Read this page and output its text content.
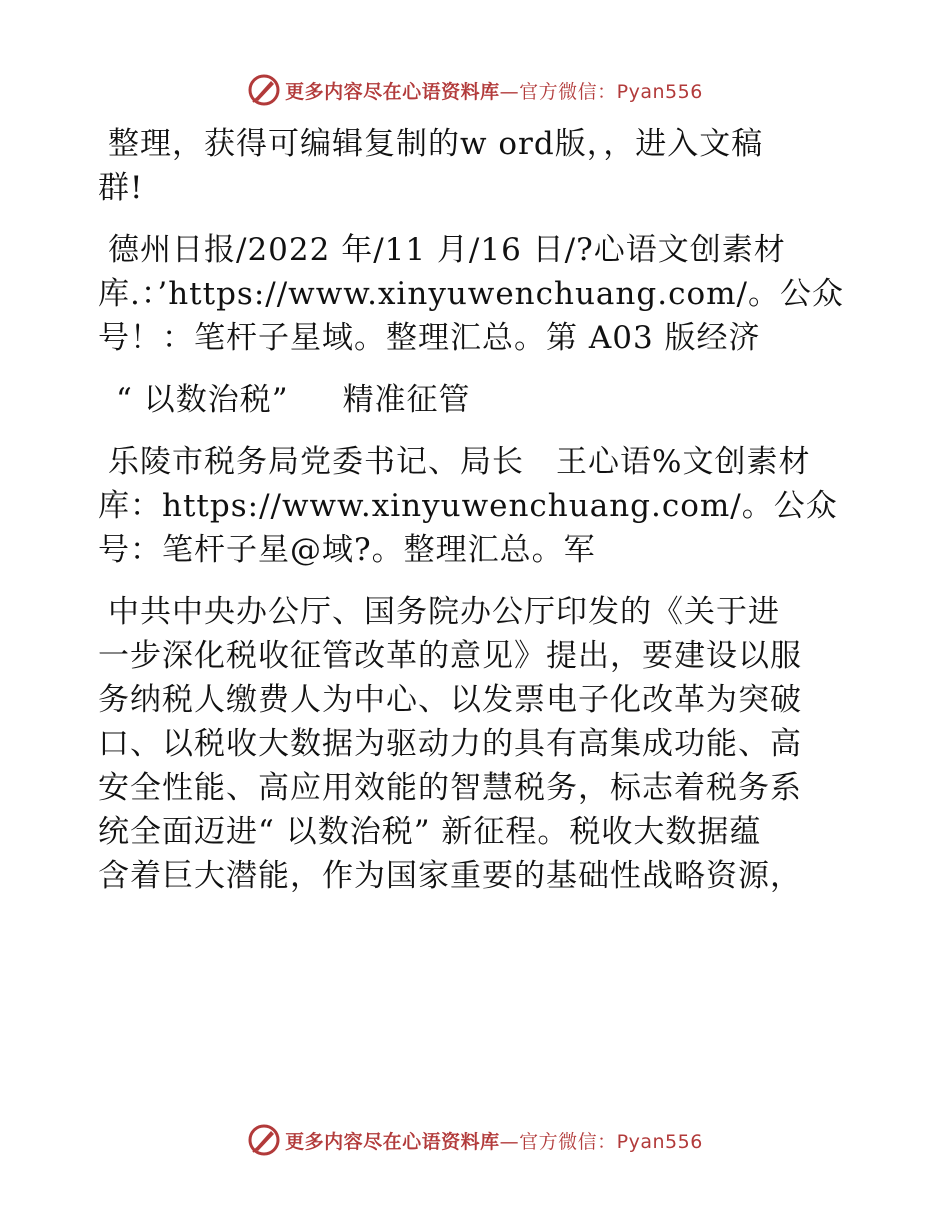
更多内容尽在心语资料库—官方微信：Pyan556

整理，获得可编辑复制的w ord版，，进入文稿
群!

德州日报/2022 年/11 月/16 日/?心语文创素材
库.：’https://www.xinyuwenchuang.com/。公众
号！：笔杆子星域。整理汇总。第 A03 版经济

“ 以数治税” 精准征管

乐陵市税务局党委书记、局长　王心语%文创素材
库：https://www.xinyuwenchuang.com/。公众
号：笔杆子星@域?。整理汇总。军

中共中央办公厅、国务院办公厅印发的《关于进
一步深化税收征管改革的意见》提出，要建设以服
务纳税人缴费人为中心、以发票电子化改革为突破
口、以税收大数据为驱动力的具有高集成功能、高
安全性能、高应用效能的智慧税务，标志着税务系
统全面迈进“ 以数治税” 新征程。税收大数据蕴
含着巨大潜能，作为国家重要的基础性战略资源，

更多内容尽在心语资料库—官方微信：Pyan556
